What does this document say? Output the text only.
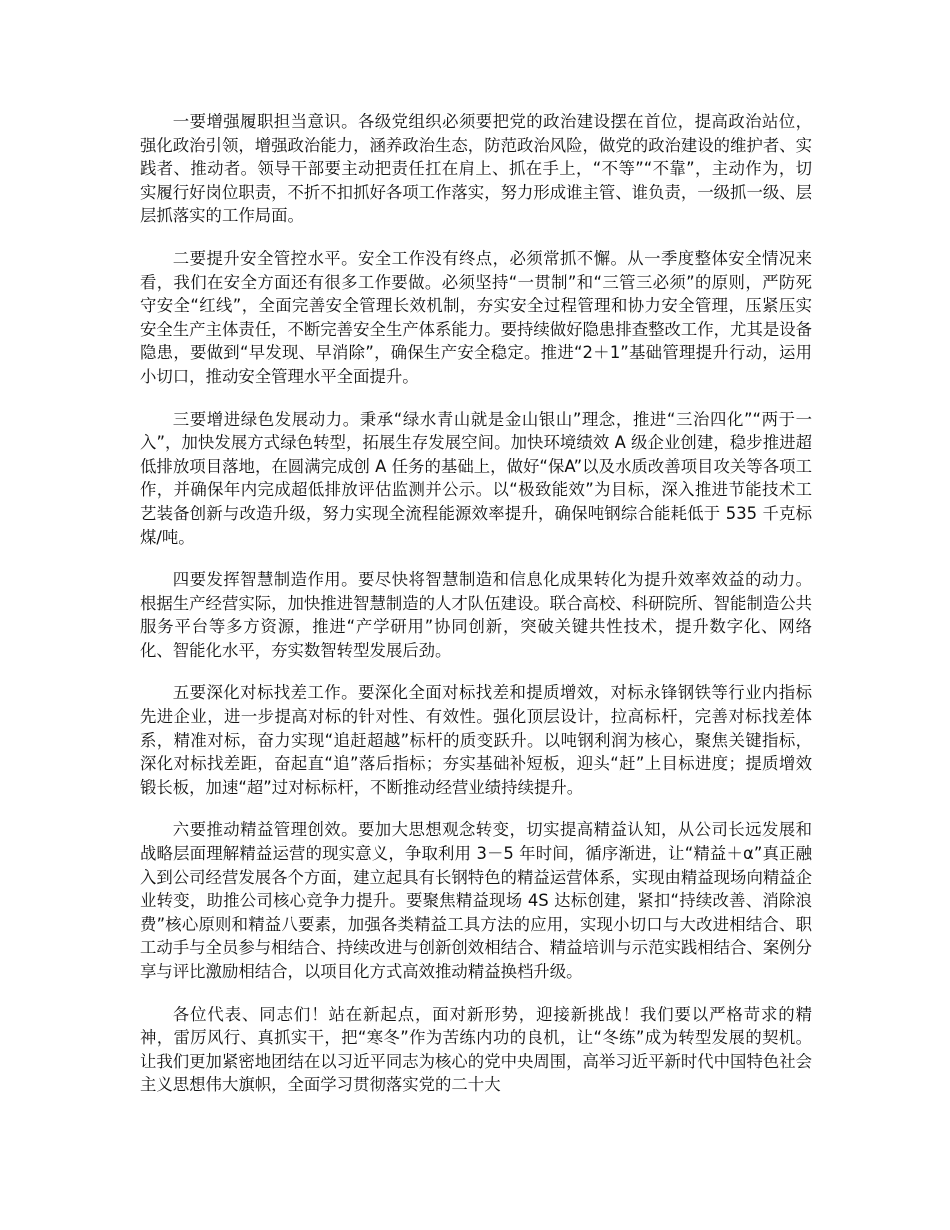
一要增强履职担当意识。各级党组织必须要把党的政治建设摆在首位，提高政治站位，强化政治引领，增强政治能力，涵养政治生态，防范政治风险，做党的政治建设的维护者、实践者、推动者。领导干部要主动把责任扛在肩上、抓在手上，“不等”“不靠”，主动作为，切实履行好岗位职责，不折不扣抓好各项工作落实，努力形成谁主管、谁负责，一级抓一级、层层抓落实的工作局面。

二要提升安全管控水平。安全工作没有终点，必须常抓不懈。从一季度整体安全情况来看，我们在安全方面还有很多工作要做。必须坚持“一贯制”和“三管三必须”的原则，严防死守安全“红线”，全面完善安全管理长效机制，夯实安全过程管理和协力安全管理，压紧压实安全生产主体责任，不断完善安全生产体系能力。要持续做好隐患排查整改工作，尤其是设备隐患，要做到“早发现、早消除”，确保生产安全稳定。推进“2＋1”基础管理提升行动，运用小切口，推动安全管理水平全面提升。

三要增进绿色发展动力。秉承“绿水青山就是金山银山”理念，推进“三治四化”“两于一入”，加快发展方式绿色转型，拓展生存发展空间。加快环境绩效 A 级企业创建，稳步推进超低排放项目落地，在圆满完成创 A 任务的基础上，做好“保A”以及水质改善项目攻关等各项工作，并确保年内完成超低排放评估监测并公示。以“极致能效”为目标，深入推进节能技术工艺装备创新与改造升级，努力实现全流程能源效率提升，确保吨钢综合能耗低于 535 千克标煤/吨。

四要发挥智慧制造作用。要尽快将智慧制造和信息化成果转化为提升效率效益的动力。根据生产经营实际，加快推进智慧制造的人才队伍建设。联合高校、科研院所、智能制造公共服务平台等多方资源，推进“产学研用”协同创新，突破关键共性技术，提升数字化、网络化、智能化水平，夯实数智转型发展后劲。

五要深化对标找差工作。要深化全面对标找差和提质增效，对标永锋钢铁等行业内指标先进企业，进一步提高对标的针对性、有效性。强化顶层设计，拉高标杆，完善对标找差体系，精准对标，奋力实现“追赶超越”标杆的质变跃升。以吨钢利润为核心，聚焦关键指标，深化对标找差距，奋起直“追”落后指标；夯实基础补短板，迎头“赶”上目标进度；提质增效锻长板，加速“超”过对标标杆，不断推动经营业绩持续提升。

六要推动精益管理创效。要加大思想观念转变，切实提高精益认知，从公司长远发展和战略层面理解精益运营的现实意义，争取利用 3－5 年时间，循序渐进，让“精益＋α”真正融入到公司经营发展各个方面，建立起具有长钢特色的精益运营体系，实现由精益现场向精益企业转变，助推公司核心竞争力提升。要聚焦精益现场 4S 达标创建，紧扣“持续改善、消除浪费”核心原则和精益八要素，加强各类精益工具方法的应用，实现小切口与大改进相结合、职工动手与全员参与相结合、持续改进与创新创效相结合、精益培训与示范实践相结合、案例分享与评比激励相结合，以项目化方式高效推动精益换档升级。

各位代表、同志们！站在新起点，面对新形势，迎接新挑战！我们要以严格苛求的精神，雷厉风行、真抓实干，把“寒冬”作为苦练内功的良机，让“冬练”成为转型发展的契机。让我们更加紧密地团结在以习近平同志为核心的党中央周围，高举习近平新时代中国特色社会主义思想伟大旗帜，全面学习贯彻落实党的二十大
